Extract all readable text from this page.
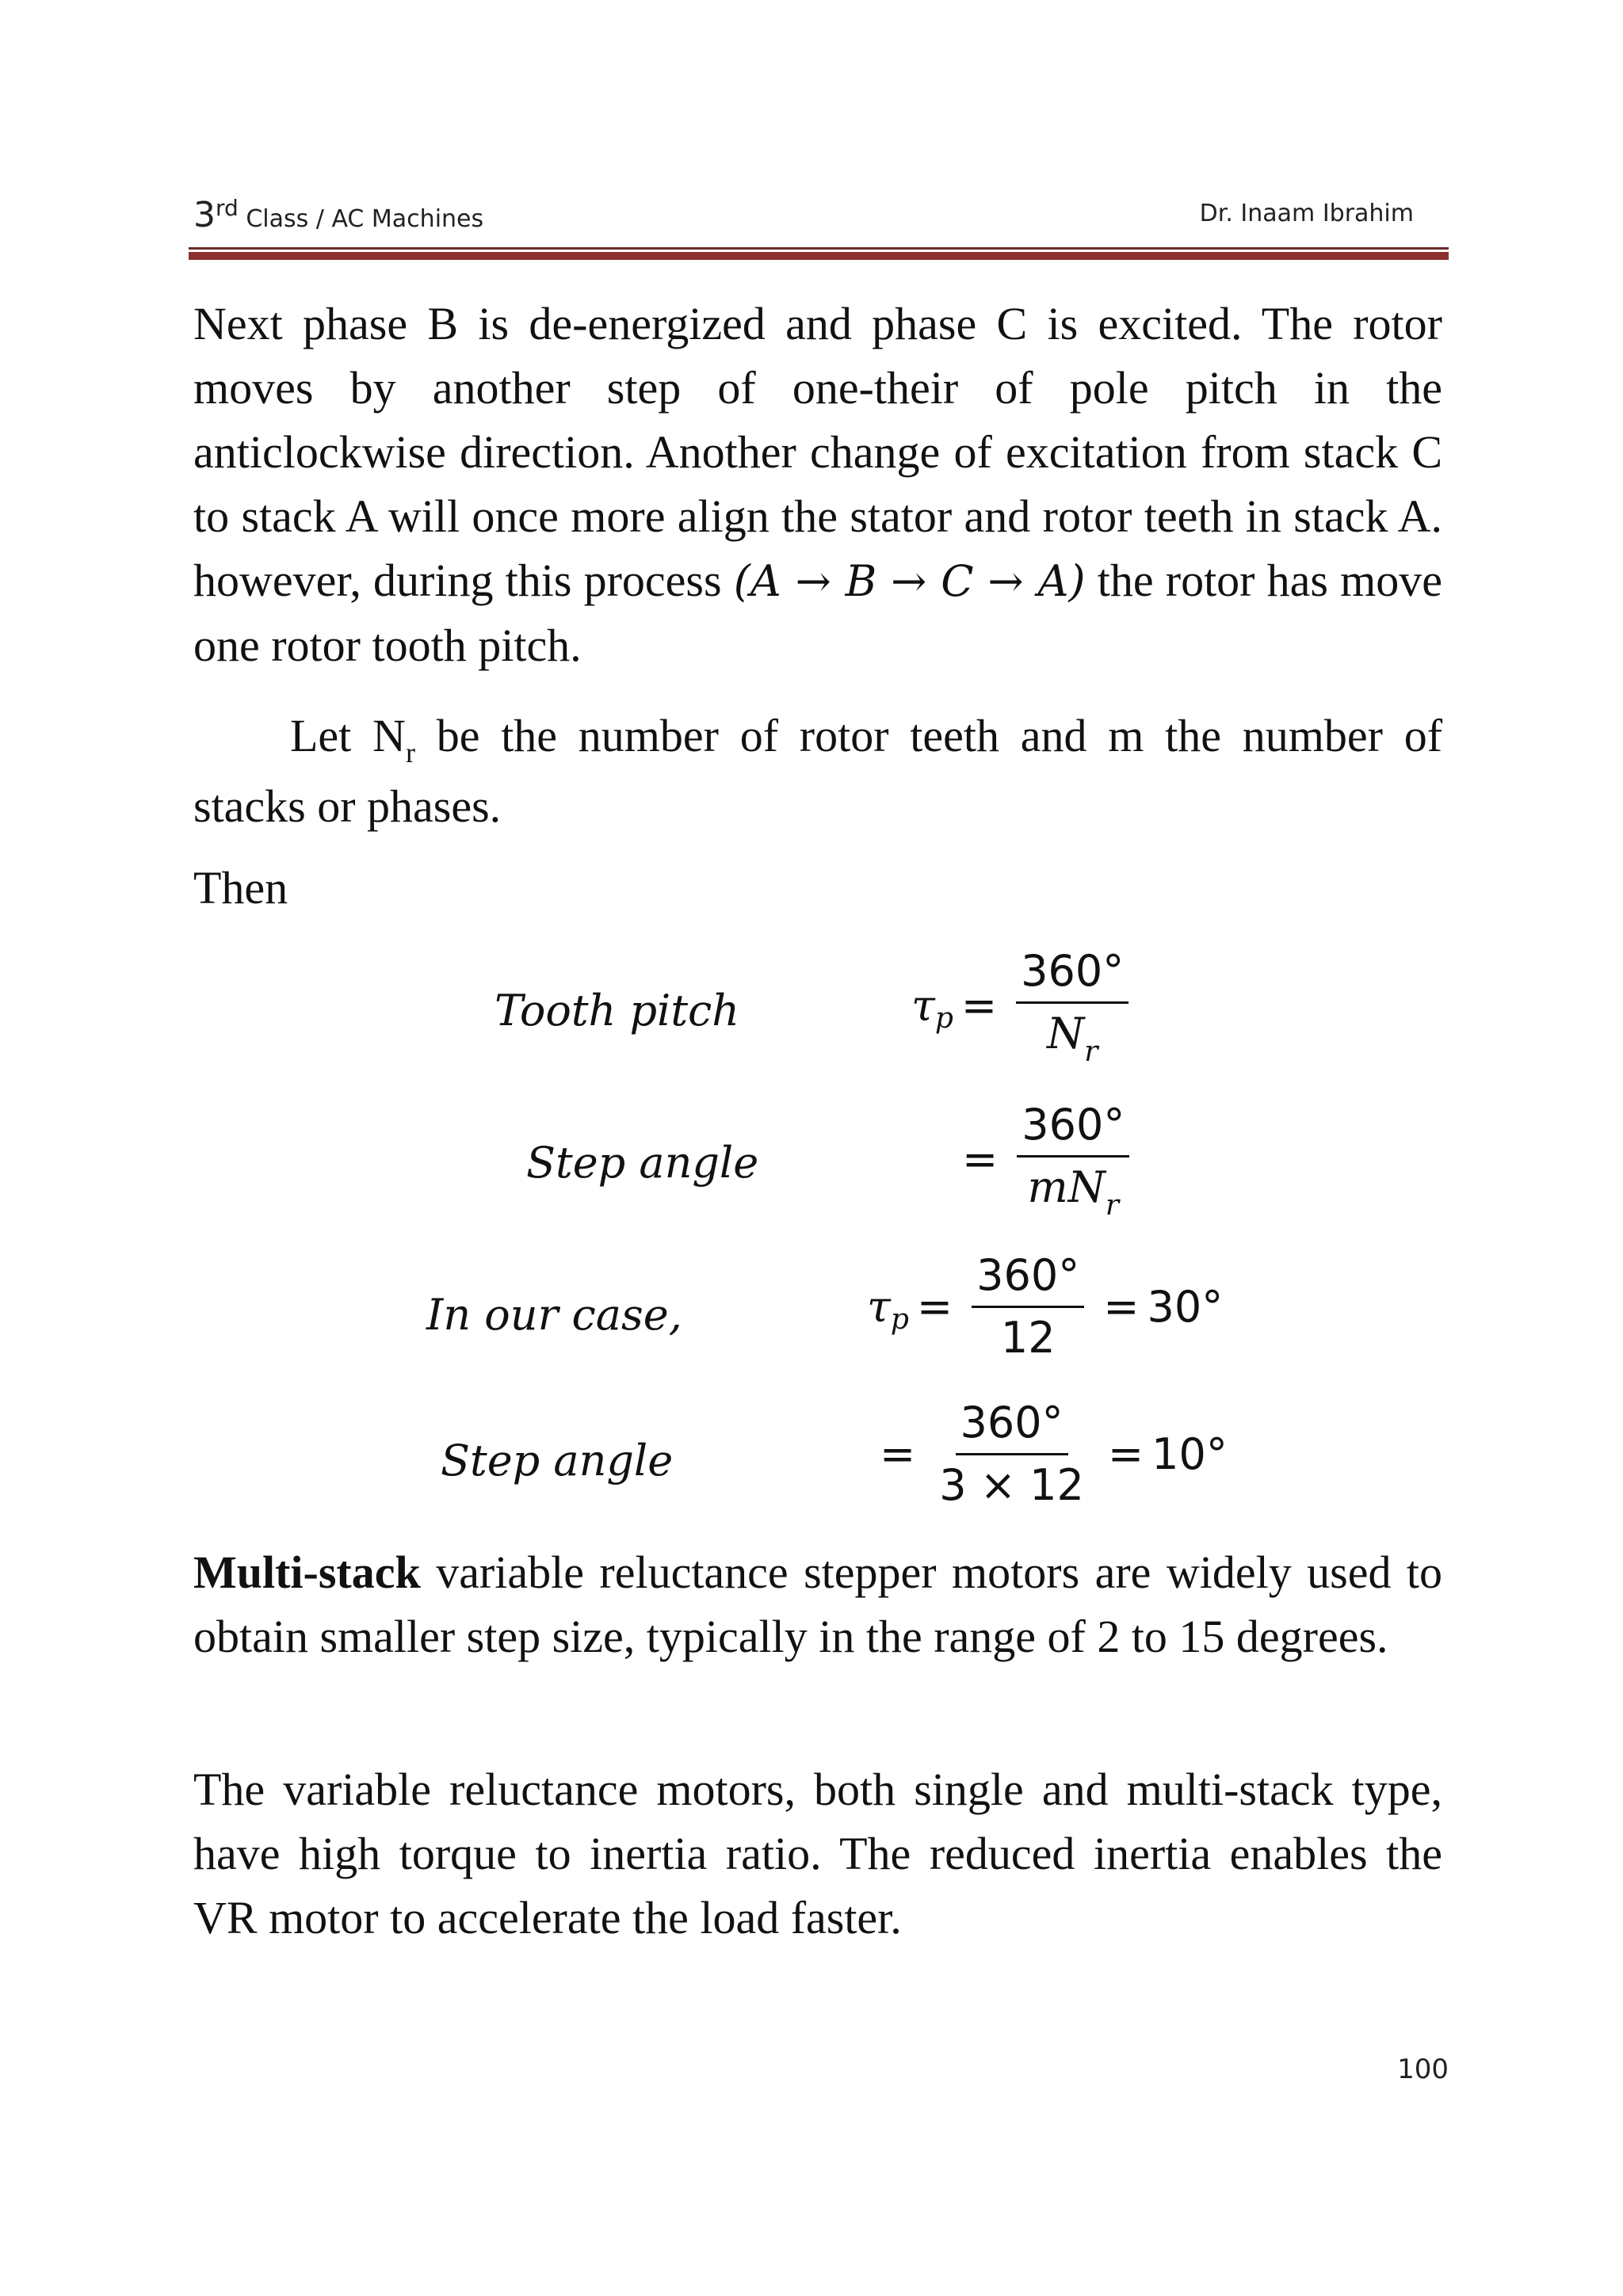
3rd Class / AC Machines	Dr. Inaam Ibrahim

Next phase B is de-energized and phase C is excited. The rotor moves by another step of one-their of pole pitch in the anticlockwise direction. Another change of excitation from stack C to stack A will once more align the stator and rotor teeth in stack A. however, during this process (A → B → C → A) the rotor has move one rotor tooth pitch.

Let $N_r$ be the number of rotor teeth and m the number of stacks or phases.

Then

Tooth pitch	τ $p = \frac{360^\circ}{N_r}$
Step angle	= $\frac{360^\circ}{mN_r}$
In our case,	τ $p = \frac{360^\circ}{12} = 30^\circ$
Step angle	= $\frac{360^\circ}{3 \times 12} = 10^\circ$

Multi-stack variable reluctance stepper motors are widely used to obtain smaller step size, typically in the range of 2 to 15 degrees.

The variable reluctance motors, both single and multi-stack type, have high torque to inertia ratio. The reduced inertia enables the VR motor to accelerate the load faster.

100
